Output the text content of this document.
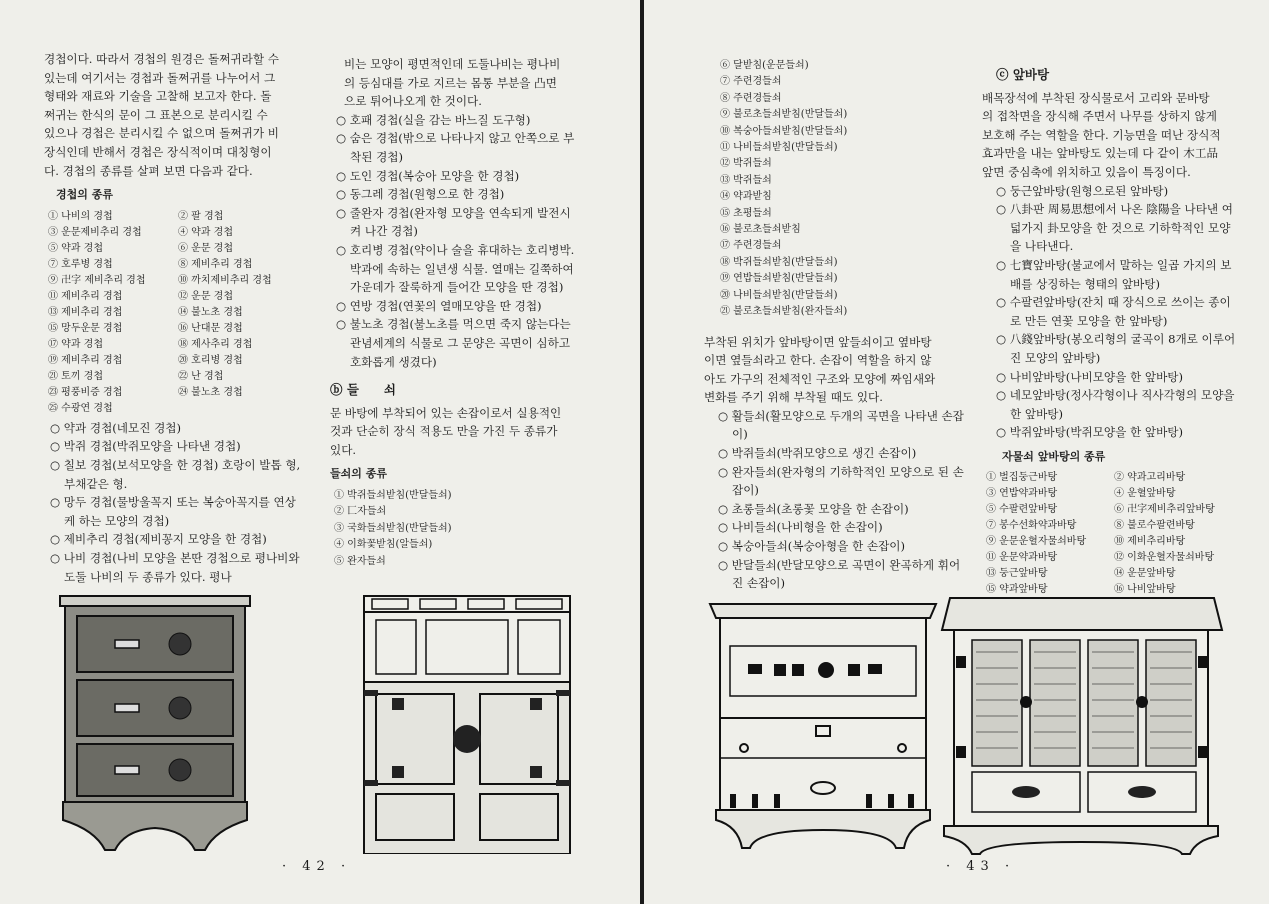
경첩이다. 따라서 경첩의 원경은 돌쩌귀라할 수

있는데 여기서는 경첩과 돌쩌귀를 나누어서 그

형태와 재료와 기술을 고찰해 보고자 한다. 돌

쩌귀는 한식의 문이 그 표본으로 분리시킬 수

있으나 경첩은 분리시킬 수 없으며 돌쩌귀가 비

장식인데 반해서 경첩은 장식적이며 대칭형이

다. 경첩의 종류를 살펴 보면 다음과 같다.

경첩의 종류
① 나비의 경첩	② 팔 경첩
③ 운문제비추리 경첩	④ 약과 경첩
⑤ 약과 경첩	⑥ 운문 경첩
⑦ 호루병 경첩	⑧ 제비추리 경첩
⑨ 卍字 제비추리 경첩	⑩ 까치제비추리 경첩
⑪ 제비추리 경첩	⑫ 운문 경첩
⑬ 제비추리 경첩	⑭ 불노초 경첩
⑮ 망두운문 경첩	⑯ 난대문 경첩
⑰ 약과 경첩	⑱ 제사추리 경첩
⑲ 제비추리 경첩	⑳ 호리병 경첩
㉑ 토끼 경첩	㉒ 난 경첩
㉓ 평풍비증 경첩	㉔ 불노초 경첩
㉕ 수광연 경첩

○ 약과 경첩(네모진 경첩)

○ 박쥐 경첩(박쥐모양을 나타낸 경첩)

○ 칠보 경첩(보석모양을 한 경첩) 호랑이 발톱 형, 부채같은 형.

○ 망두 경첩(물방울꼭지 또는 복숭아꼭지를 연상케 하는 모양의 경첩)

○ 제비추리 경첩(제비꽁지 모양을 한 경첩)

○ 나비 경첩(나비 모양을 본딴 경첩으로 평나비와 도둘 나비의 두 종류가 있다. 평나

비는 모양이 평면적인데 도둘나비는 평나비

의 등심대를 가로 지르는 몸통 부분을 凸면

으로 튀어나오게 한 것이다.

○ 호패 경첩(실을 감는 바느질 도구형)

○ 숨은 경첩(밖으로 나타나지 않고 안쪽으로 부착된 경첩)

○ 도인 경첩(복숭아 모양을 한 경첩)

○ 동그레 경첩(원형으로 한 경첩)

○ 줄완자 경첩(완자형 모양을 연속되게 발전시켜 나간 경첩)

○ 호리병 경첩(약이나 술을 휴대하는 호리병박. 박과에 속하는 일년생 식물. 열매는 길쭉하여 가운데가 잘룩하게 들어간 모양을 딴 경첩)

○ 연방 경첩(연꽃의 열매모양을 딴 경첩)

○ 불노초 경첩(불노초를 먹으면 죽지 않는다는 관념세계의 식물로 그 문양은 곡면이 심하고 호화롭게 생겼다)

ⓑ 들　　쇠

문 바탕에 부착되어 있는 손잡이로서 실용적인

것과 단순히 장식 적용도 만을 가진 두 종류가

있다.

들쇠의 종류
① 박쥐들쇠받침(반달들쇠)
② 匸자들쇠
③ 국화들쇠받침(반달들쇠)
④ 이화꽃받침(알들쇠)
⑤ 완자들쇠
· 42 ·
⑥ 달받침(운문들쇠)
⑦ 주련경들쇠
⑧ 주련경들쇠
⑨ 불로초들쇠받침(반달들쇠)
⑩ 복숭아들쇠받침(반달들쇠)
⑪ 나비들쇠받침(반달들쇠)
⑫ 박쥐들쇠
⑬ 박쥐들쇠
⑭ 약과받침
⑮ 초평들쇠
⑯ 불로초들쇠받침
⑰ 주련경들쇠
⑱ 박쥐들쇠받침(반달들쇠)
⑲ 연밥들쇠받침(반달들쇠)
⑳ 나비들쇠받침(반달들쇠)
㉑ 불로초들쇠받침(완자들쇠)

부착된 위치가 앞바탕이면 앞들쇠이고 옆바탕

이면 옆들쇠라고 한다. 손잡이 역할을 하지 않

아도 가구의 전체적인 구조와 모양에 짜임새와

변화를 주기 위해 부착될 때도 있다.

○ 활들쇠(활모양으로 두개의 곡면을 나타낸 손잡이)

○ 박쥐들쇠(박쥐모양으로 생긴 손잡이)

○ 완자들쇠(완자형의 기하학적인 모양으로 된 손잡이)

○ 초롱들쇠(초롱꽃 모양을 한 손잡이)

○ 나비들쇠(나비형을 한 손잡이)

○ 복숭아들쇠(복숭아형을 한 손잡이)

○ 반달들쇠(반달모양으로 곡면이 완곡하게 휘어진 손잡이)

ⓒ 앞바탕

배목장석에 부착된 장식물로서 고리와 문바탕

의 접착면을 장식해 주면서 나무를 상하지 않게

보호해 주는 역할을 한다. 기능면을 떠난 장식적

효과만을 내는 앞바탕도 있는데 다 같이 木工品

앞면 중심축에 위치하고 있음이 특징이다.

○ 둥근앞바탕(원형으로된 앞바탕)

○ 八卦판 周易思想에서 나온 陰陽을 나타낸 여덟가지 卦모양을 한 것으로 기하학적인 모양을 나타낸다.

○ 七寶앞바탕(불교에서 말하는 일곱 가지의 보배를 상징하는 형태의 앞바탕)

○ 수팔련앞바탕(잔치 때 장식으로 쓰이는 종이로 만든 연꽃 모양을 한 앞바탕)

○ 八錢앞바탕(봉오리형의 굴곡이 8개로 이루어진 모양의 앞바탕)

○ 나비앞바탕(나비모양을 한 앞바탕)

○ 네모앞바탕(정사각형이나 직사각형의 모양을 한 앞바탕)

○ 박쥐앞바탕(박쥐모양을 한 앞바탕)

자물쇠 앞바탕의 종류
① 벌집둥근바탕	② 약과고리바탕
③ 연밥약과바탕	④ 운혈앞바탕
⑤ 수팔련앞바탕	⑥ 卍字제비추리앞바탕
⑦ 봉수선화약과바탕	⑧ 불로수팔련바탕
⑨ 운문운혈자물쇠바탕	⑩ 제비추리바탕
⑪ 운문약과바탕	⑫ 이화운혈자물쇠바탕
⑬ 둥근앞바탕	⑭ 운문앞바탕
⑮ 약과앞바탕	⑯ 나비앞바탕
· 43 ·
